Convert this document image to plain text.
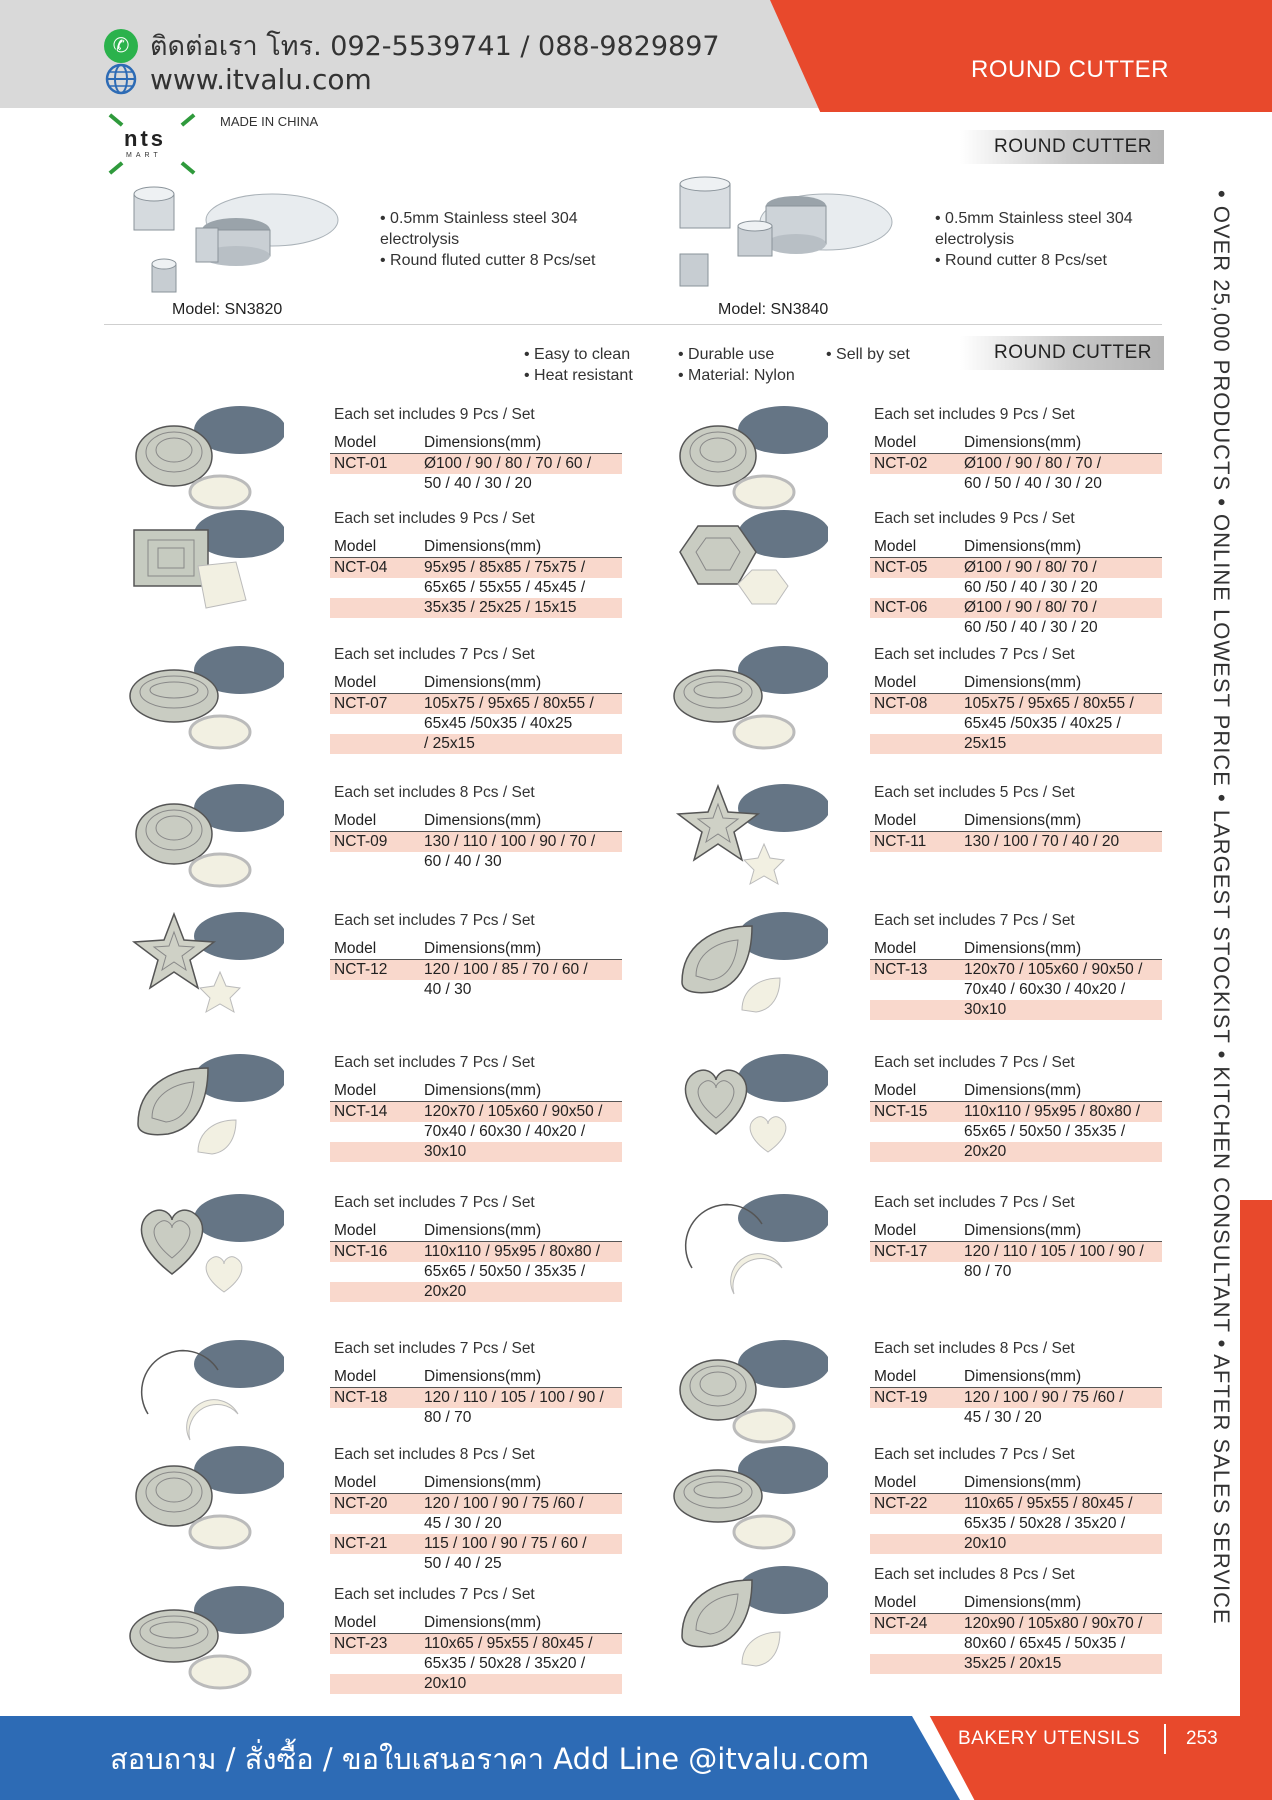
✆ ติดต่อเรา โทร. 092-5539741 / 088-9829897
www.itvalu.com	ROUND CUTTER
nts
MART
MADE IN CHINA
ROUND CUTTER
• 0.5mm Stainless steel 304
electrolysis
• Round fluted cutter 8 Pcs/set
Model: SN3820
• 0.5mm Stainless steel 304
electrolysis
• Round cutter 8 Pcs/set
Model: SN3840
• Easy to clean
• Heat resistant
• Durable use
• Material: Nylon
• Sell by set	ROUND CUTTER
Each set includes 9 Pcs / Set
Model	Dimensions(mm)
NCT-01	Ø100 / 90 / 80 / 70 / 60 /
	50 / 40 / 30 / 20
Each set includes 9 Pcs / Set
Model	Dimensions(mm)
NCT-02	Ø100 / 90 / 80 / 70 /
	60 / 50 / 40 / 30 / 20
Each set includes 9 Pcs / Set
Model	Dimensions(mm)
NCT-04	95x95 / 85x85 / 75x75 /
	65x65 / 55x55 / 45x45 /
	35x35 / 25x25 / 15x15
Each set includes 9 Pcs / Set
Model	Dimensions(mm)
NCT-05	Ø100 / 90 / 80/ 70 /
	60 /50 / 40 / 30 / 20
NCT-06	Ø100 / 90 / 80/ 70 /
	60 /50 / 40 / 30 / 20
Each set includes 7 Pcs / Set
Model	Dimensions(mm)
NCT-07	105x75 / 95x65 / 80x55 /
	65x45 /50x35 / 40x25
	/ 25x15
Each set includes 7 Pcs / Set
Model	Dimensions(mm)
NCT-08	105x75 / 95x65 / 80x55 /
	65x45 /50x35 / 40x25 /
	25x15
Each set includes 8 Pcs / Set
Model	Dimensions(mm)
NCT-09	130 / 110 / 100 / 90 / 70 /
	60 / 40 / 30
Each set includes 5 Pcs / Set
Model	Dimensions(mm)
NCT-11	130 / 100 / 70 / 40 / 20
Each set includes 7 Pcs / Set
Model	Dimensions(mm)
NCT-12	120 / 100 / 85 / 70 / 60 /
	40 / 30
Each set includes 7 Pcs / Set
Model	Dimensions(mm)
NCT-13	120x70 / 105x60 / 90x50 /
	70x40 / 60x30 / 40x20 /
	30x10
Each set includes 7 Pcs / Set
Model	Dimensions(mm)
NCT-14	120x70 / 105x60 / 90x50 /
	70x40 / 60x30 / 40x20 /
	30x10
Each set includes 7 Pcs / Set
Model	Dimensions(mm)
NCT-15	110x110 / 95x95 / 80x80 /
	65x65 / 50x50 / 35x35 /
	20x20
Each set includes 7 Pcs / Set
Model	Dimensions(mm)
NCT-16	110x110 / 95x95 / 80x80 /
	65x65 / 50x50 / 35x35 /
	20x20
Each set includes 7 Pcs / Set
Model	Dimensions(mm)
NCT-17	120 / 110 / 105 / 100 / 90 /
	80 / 70
Each set includes 7 Pcs / Set
Model	Dimensions(mm)
NCT-18	120 / 110 / 105 / 100 / 90 /
	80 / 70
Each set includes 8 Pcs / Set
Model	Dimensions(mm)
NCT-19	120 / 100 / 90 / 75 /60 /
	45 / 30 / 20
Each set includes 8 Pcs / Set
Model	Dimensions(mm)
NCT-20	120 / 100 / 90 / 75 /60 /
	45 / 30 / 20
NCT-21	115 / 100 / 90 / 75 / 60 /
	50 / 40 / 25
Each set includes 7 Pcs / Set
Model	Dimensions(mm)
NCT-22	110x65 / 95x55 / 80x45 /
	65x35 / 50x28 / 35x20 /
	20x10
Each set includes 7 Pcs / Set
Model	Dimensions(mm)
NCT-23	110x65 / 95x55 / 80x45 /
	65x35 / 50x28 / 35x20 /
	20x10
Each set includes 8 Pcs / Set
Model	Dimensions(mm)
NCT-24	120x90 / 105x80 / 90x70 /
	80x60 / 65x45 / 50x35 /
	35x25 / 20x15
• OVER 25,000 PRODUCTS • ONLINE LOWEST PRICE • LARGEST STOCKIST • KITCHEN CONSULTANT • AFTER SALES SERVICE
สอบถาม / สั่งซื้อ / ขอใบเสนอราคา Add Line @itvalu.com
BAKERY UTENSILS 253
